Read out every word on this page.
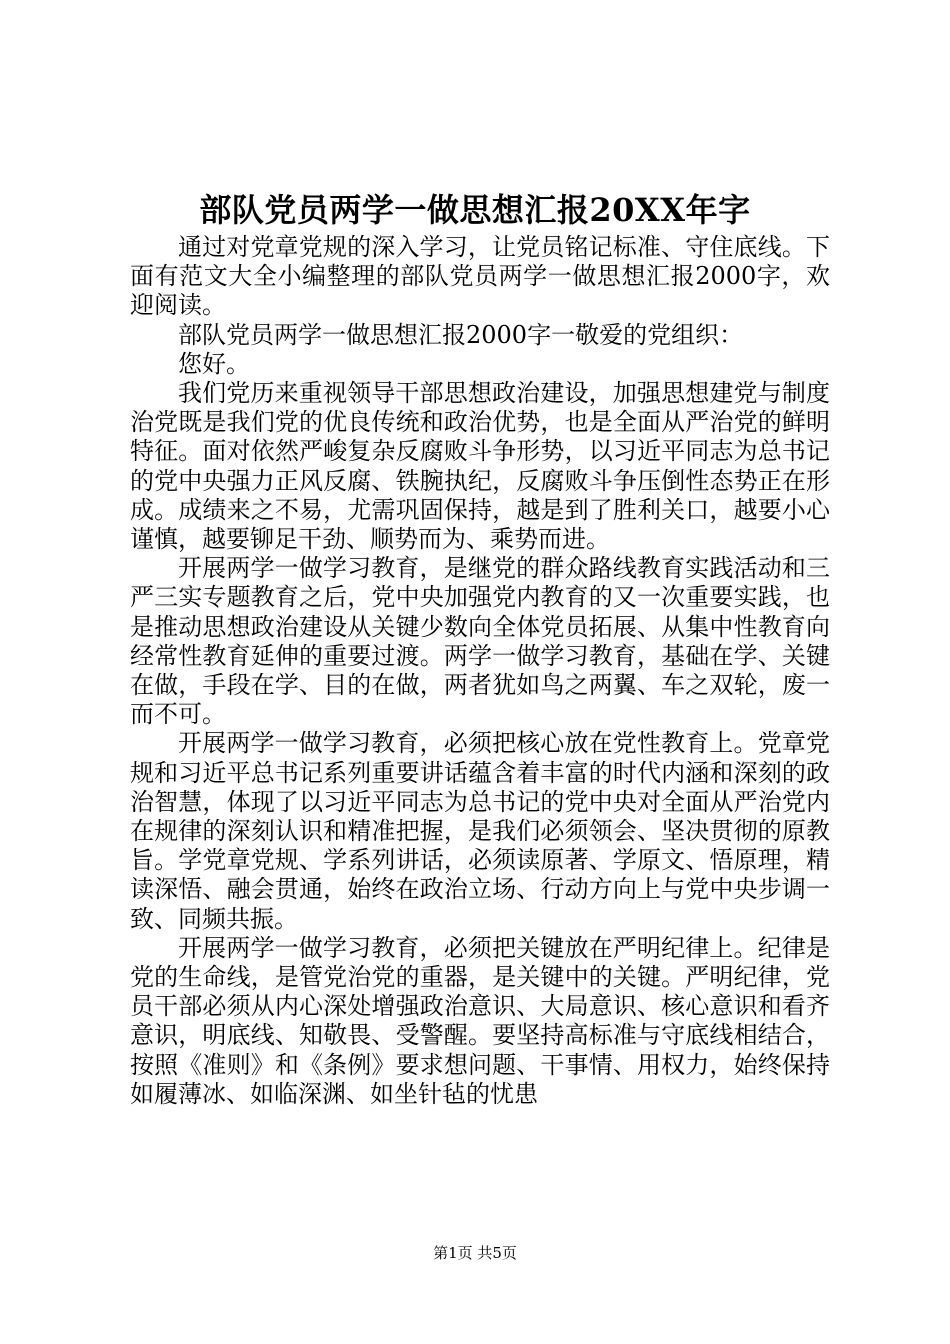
部队党员两学一做思想汇报20XX年字

通过对党章党规的深入学习，让党员铭记标准、守住底线。下面有范文大全小编整理的部队党员两学一做思想汇报2000字，欢迎阅读。

部队党员两学一做思想汇报2000字一敬爱的党组织：

您好。

我们党历来重视领导干部思想政治建设，加强思想建党与制度治党既是我们党的优良传统和政治优势，也是全面从严治党的鲜明特征。面对依然严峻复杂反腐败斗争形势，以习近平同志为总书记的党中央强力正风反腐、铁腕执纪，反腐败斗争压倒性态势正在形成。成绩来之不易，尤需巩固保持，越是到了胜利关口，越要小心谨慎，越要铆足干劲、顺势而为、乘势而进。

开展两学一做学习教育，是继党的群众路线教育实践活动和三严三实专题教育之后，党中央加强党内教育的又一次重要实践，也是推动思想政治建设从关键少数向全体党员拓展、从集中性教育向经常性教育延伸的重要过渡。两学一做学习教育，基础在学、关键在做，手段在学、目的在做，两者犹如鸟之两翼、车之双轮，废一而不可。

开展两学一做学习教育，必须把核心放在党性教育上。党章党规和习近平总书记系列重要讲话蕴含着丰富的时代内涵和深刻的政治智慧，体现了以习近平同志为总书记的党中央对全面从严治党内在规律的深刻认识和精准把握，是我们必须领会、坚决贯彻的原教旨。学党章党规、学系列讲话，必须读原著、学原文、悟原理，精读深悟、融会贯通，始终在政治立场、行动方向上与党中央步调一致、同频共振。

开展两学一做学习教育，必须把关键放在严明纪律上。纪律是党的生命线，是管党治党的重器，是关键中的关键。严明纪律，党员干部必须从内心深处增强政治意识、大局意识、核心意识和看齐意识，明底线、知敬畏、受警醒。要坚持高标准与守底线相结合，按照《准则》和《条例》要求想问题、干事情、用权力，始终保持如履薄冰、如临深渊、如坐针毡的忧患

第1页 共5页
